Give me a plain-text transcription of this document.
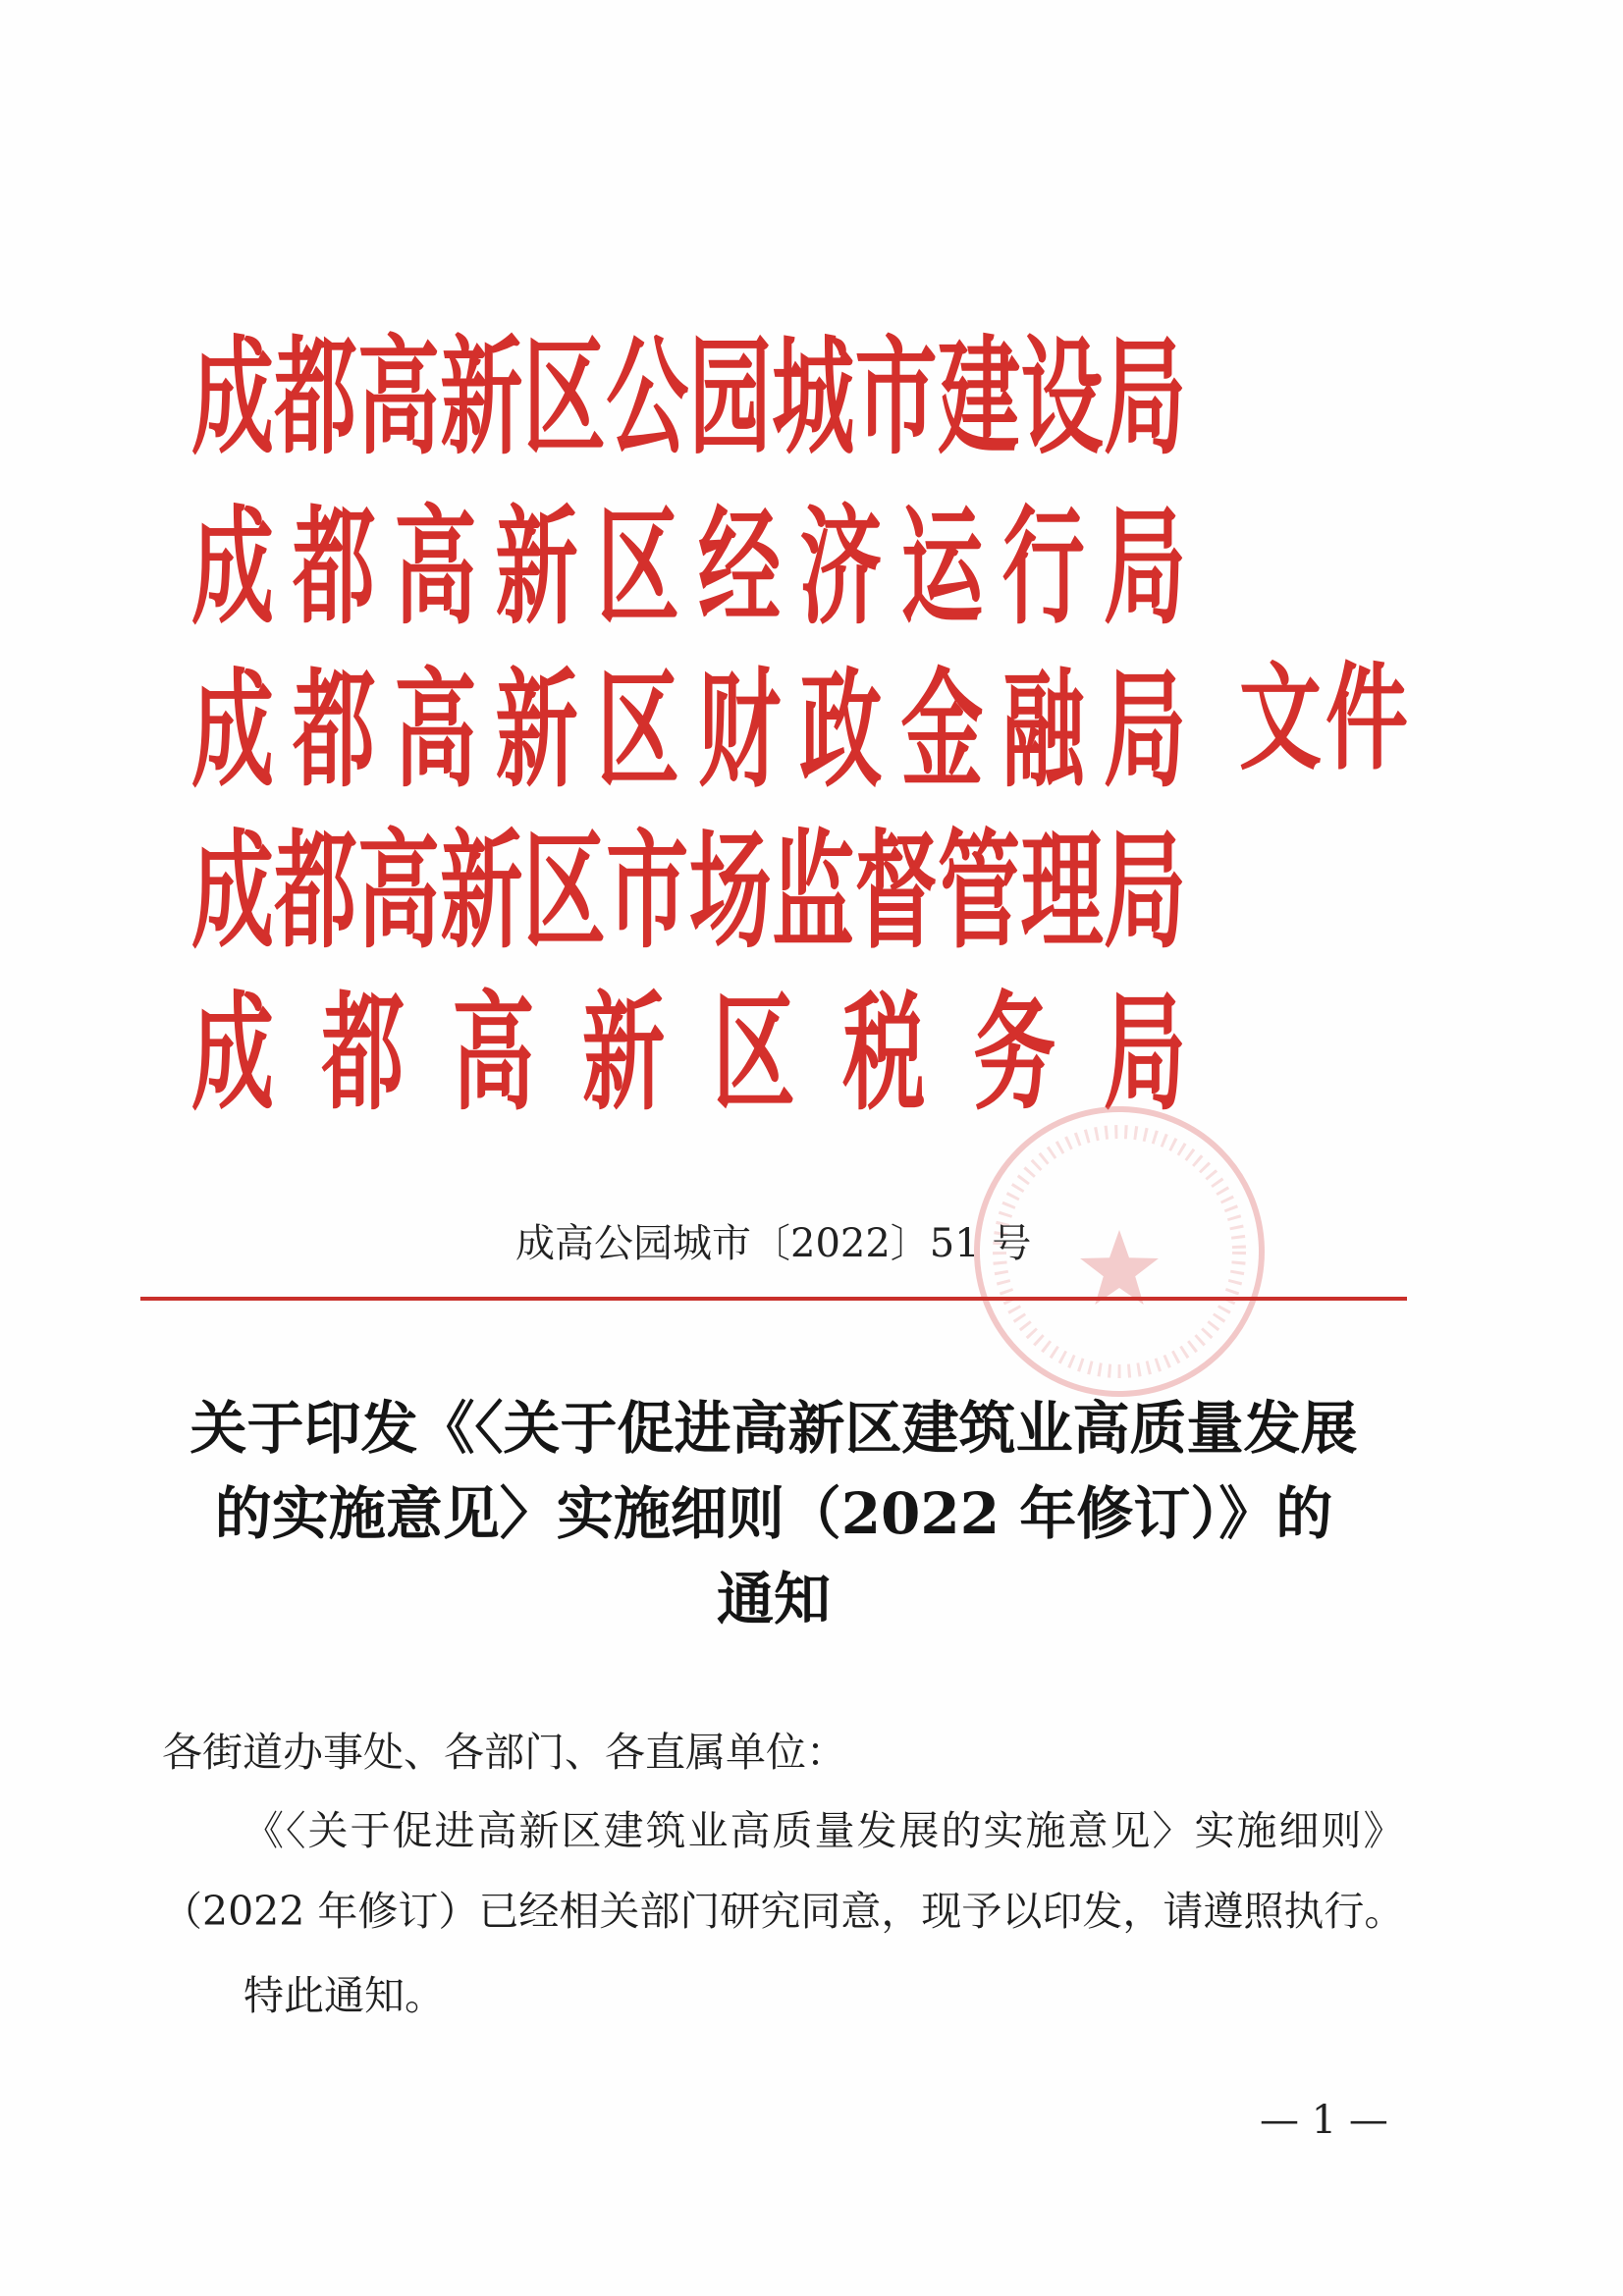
成 都 高 新 区 公 园 城 市 建 设 局
成 都 高 新 区 经 济 运 行 局
成 都 高 新 区 财 政 金 融 局
成 都 高 新 区 市 场 监 督 管 理 局
成 都 高 新 区 税 务 局
文 件
成高公园城市〔2022〕51 号
关于印发《〈关于促进高新区建筑业高质量发展
的实施意见〉实施细则（2022 年修订）》的
通知
各街道办事处、各部门、各直属单位：
《〈关于促进高新区建筑业高质量发展的实施意见〉实施细则》
（2022 年修订）已经相关部门研究同意，现予以印发，请遵照执行。
特此通知。
— 1 —
